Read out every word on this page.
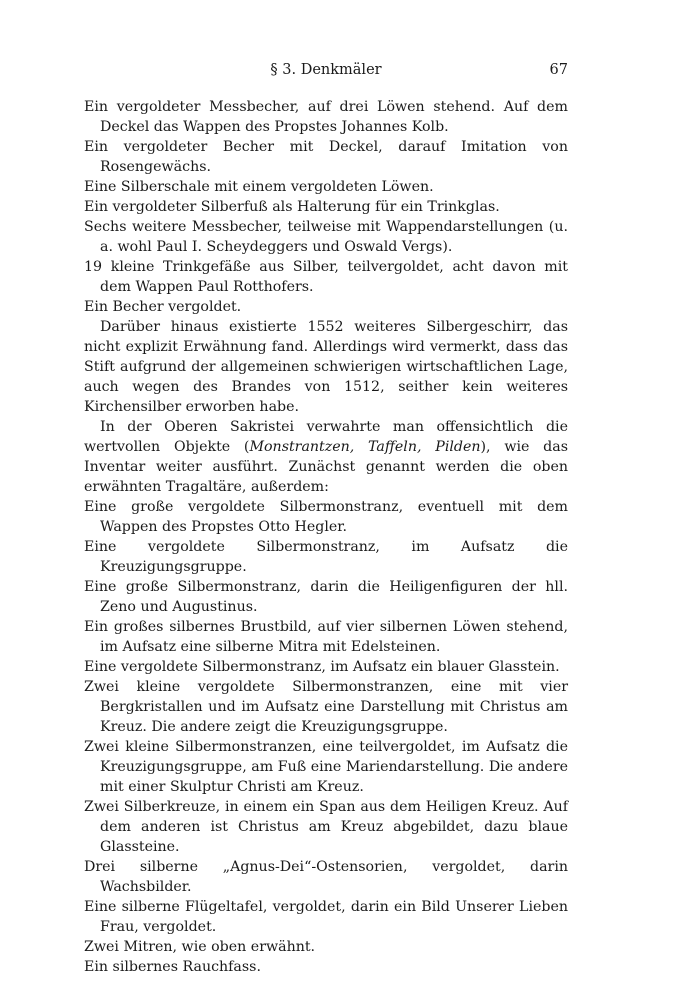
§ 3. Denkmäler	67

Ein vergoldeter Messbecher, auf drei Löwen stehend. Auf dem Deckel das Wappen des Propstes Johannes Kolb.

Ein vergoldeter Becher mit Deckel, darauf Imitation von Rosengewächs.

Eine Silberschale mit einem vergoldeten Löwen.

Ein vergoldeter Silberfuß als Halterung für ein Trinkglas.

Sechs weitere Messbecher, teilweise mit Wappendarstellungen (u. a. wohl Paul I. Scheydeggers und Oswald Vergs).

19 kleine Trinkgefäße aus Silber, teilvergoldet, acht davon mit dem Wappen Paul Rotthofers.

Ein Becher vergoldet.

Darüber hinaus existierte 1552 weiteres Silbergeschirr, das nicht explizit Erwähnung fand. Allerdings wird vermerkt, dass das Stift aufgrund der allgemeinen schwierigen wirtschaftlichen Lage, auch wegen des Brandes von 1512, seither kein weiteres Kirchensilber erworben habe.

In der Oberen Sakristei verwahrte man offensichtlich die wertvollen Objekte (Monstrantzen, Taffeln, Pilden), wie das Inventar weiter ausführt. Zunächst genannt werden die oben erwähnten Tragaltäre, außerdem:

Eine große vergoldete Silbermonstranz, eventuell mit dem Wappen des Propstes Otto Hegler.

Eine vergoldete Silbermonstranz, im Aufsatz die Kreuzigungsgruppe.

Eine große Silbermonstranz, darin die Heiligenfiguren der hll. Zeno und Augustinus.

Ein großes silbernes Brustbild, auf vier silbernen Löwen stehend, im Aufsatz eine silberne Mitra mit Edelsteinen.

Eine vergoldete Silbermonstranz, im Aufsatz ein blauer Glasstein.

Zwei kleine vergoldete Silbermonstranzen, eine mit vier Bergkristallen und im Aufsatz eine Darstellung mit Christus am Kreuz. Die andere zeigt die Kreuzigungsgruppe.

Zwei kleine Silbermonstranzen, eine teilvergoldet, im Aufsatz die Kreuzigungsgruppe, am Fuß eine Mariendarstellung. Die andere mit einer Skulptur Christi am Kreuz.

Zwei Silberkreuze, in einem ein Span aus dem Heiligen Kreuz. Auf dem anderen ist Christus am Kreuz abgebildet, dazu blaue Glassteine.

Drei silberne „Agnus-Dei“-Ostensorien, vergoldet, darin Wachsbilder.

Eine silberne Flügeltafel, vergoldet, darin ein Bild Unserer Lieben Frau, vergoldet.

Zwei Mitren, wie oben erwähnt.

Ein silbernes Rauchfass.
